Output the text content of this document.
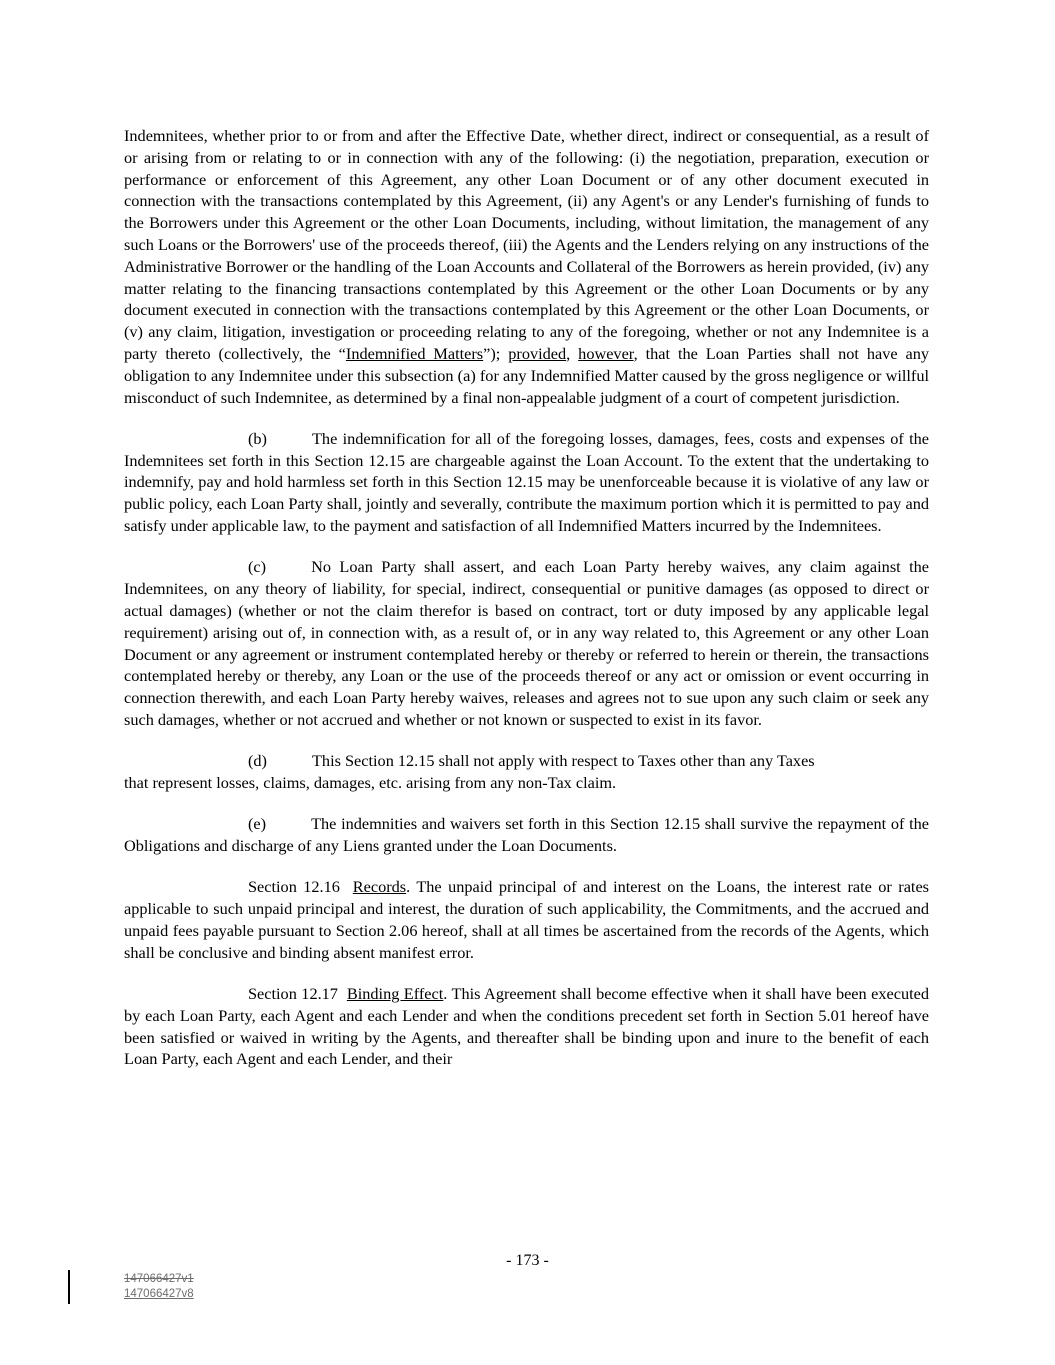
Indemnitees, whether prior to or from and after the Effective Date, whether direct, indirect or consequential, as a result of or arising from or relating to or in connection with any of the following: (i) the negotiation, preparation, execution or performance or enforcement of this Agreement, any other Loan Document or of any other document executed in connection with the transactions contemplated by this Agreement, (ii) any Agent's or any Lender's furnishing of funds to the Borrowers under this Agreement or the other Loan Documents, including, without limitation, the management of any such Loans or the Borrowers' use of the proceeds thereof, (iii) the Agents and the Lenders relying on any instructions of the Administrative Borrower or the handling of the Loan Accounts and Collateral of the Borrowers as herein provided, (iv) any matter relating to the financing transactions contemplated by this Agreement or the other Loan Documents or by any document executed in connection with the transactions contemplated by this Agreement or the other Loan Documents, or (v) any claim, litigation, investigation or proceeding relating to any of the foregoing, whether or not any Indemnitee is a party thereto (collectively, the “Indemnified Matters”); provided, however, that the Loan Parties shall not have any obligation to any Indemnitee under this subsection (a) for any Indemnified Matter caused by the gross negligence or willful misconduct of such Indemnitee, as determined by a final non-appealable judgment of a court of competent jurisdiction.

(b)	The indemnification for all of the foregoing losses, damages, fees, costs and expenses of the Indemnitees set forth in this Section 12.15 are chargeable against the Loan Account. To the extent that the undertaking to indemnify, pay and hold harmless set forth in this Section 12.15 may be unenforceable because it is violative of any law or public policy, each Loan Party shall, jointly and severally, contribute the maximum portion which it is permitted to pay and satisfy under applicable law, to the payment and satisfaction of all Indemnified Matters incurred by the Indemnitees.

(c)	No Loan Party shall assert, and each Loan Party hereby waives, any claim against the Indemnitees, on any theory of liability, for special, indirect, consequential or punitive damages (as opposed to direct or actual damages) (whether or not the claim therefor is based on contract, tort or duty imposed by any applicable legal requirement) arising out of, in connection with, as a result of, or in any way related to, this Agreement or any other Loan Document or any agreement or instrument contemplated hereby or thereby or referred to herein or therein, the transactions contemplated hereby or thereby, any Loan or the use of the proceeds thereof or any act or omission or event occurring in connection therewith, and each Loan Party hereby waives, releases and agrees not to sue upon any such claim or seek any such damages, whether or not accrued and whether or not known or suspected to exist in its favor.

(d)	This Section 12.15 shall not apply with respect to Taxes other than any Taxes
that represent losses, claims, damages, etc. arising from any non-Tax claim.

(e)	The indemnities and waivers set forth in this Section 12.15 shall survive the repayment of the Obligations and discharge of any Liens granted under the Loan Documents.

Section 12.16 Records. The unpaid principal of and interest on the Loans, the interest rate or rates applicable to such unpaid principal and interest, the duration of such applicability, the Commitments, and the accrued and unpaid fees payable pursuant to Section 2.06 hereof, shall at all times be ascertained from the records of the Agents, which shall be conclusive and binding absent manifest error.

Section 12.17 Binding Effect. This Agreement shall become effective when it shall have been executed by each Loan Party, each Agent and each Lender and when the conditions precedent set forth in Section 5.01 hereof have been satisfied or waived in writing by the Agents, and thereafter shall be binding upon and inure to the benefit of each Loan Party, each Agent and each Lender, and their

- 173 -
147066427v1
147066427v8
